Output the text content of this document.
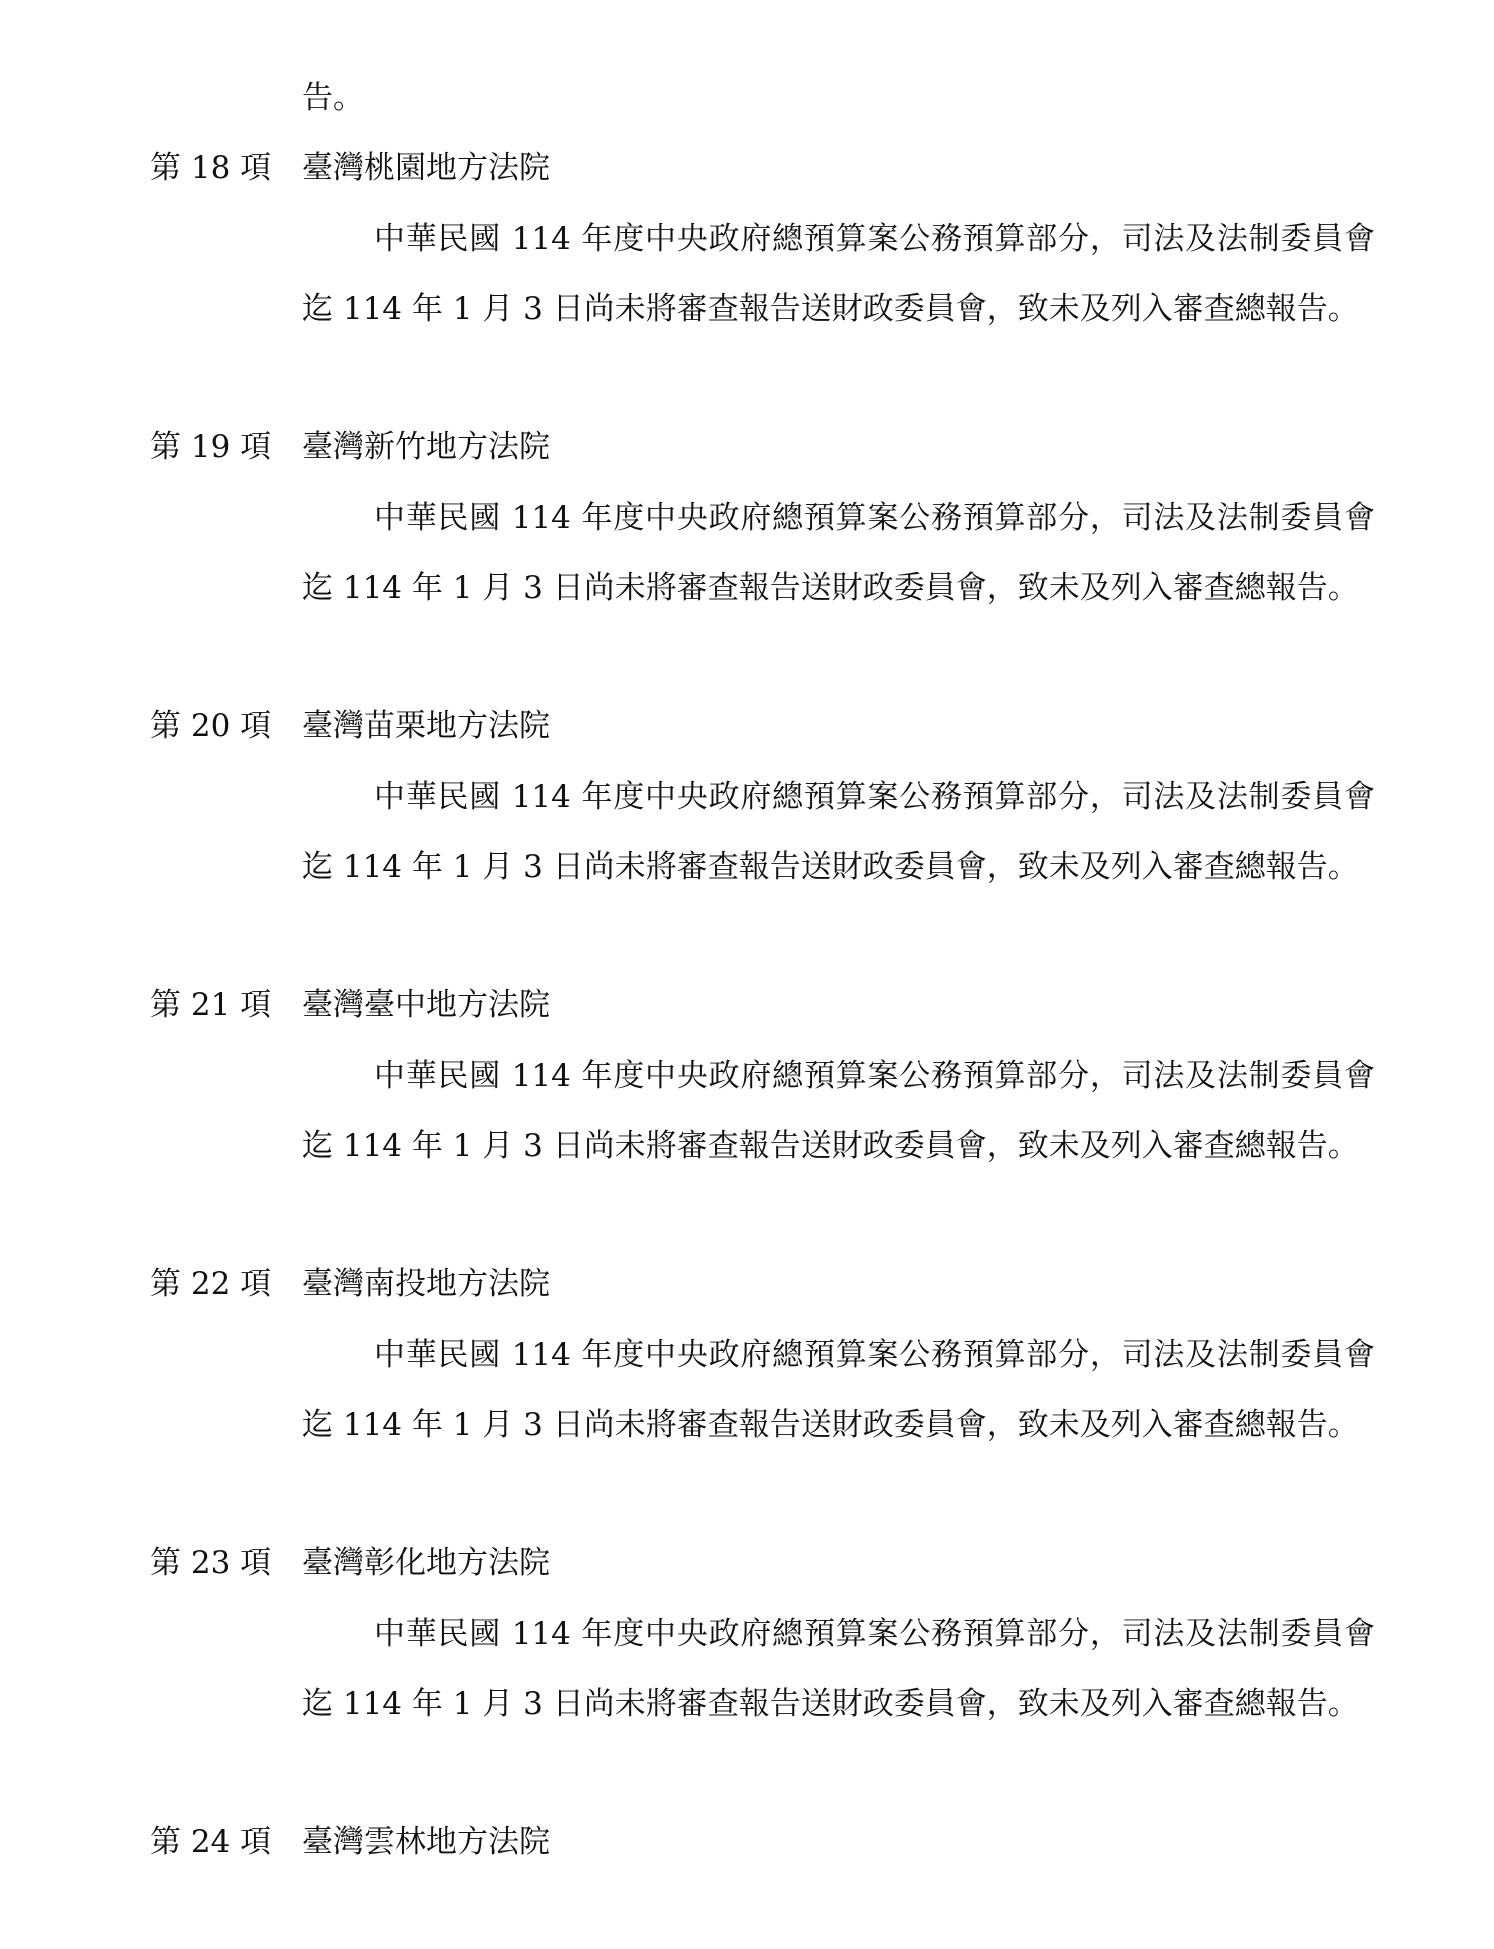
告。
第 18 項 臺灣桃園地方法院
中華民國 114 年度中央政府總預算案公務預算部分，司法及法制委員會迄 114 年 1 月 3 日尚未將審查報告送財政委員會，致未及列入審查總報告。
第 19 項 臺灣新竹地方法院
中華民國 114 年度中央政府總預算案公務預算部分，司法及法制委員會迄 114 年 1 月 3 日尚未將審查報告送財政委員會，致未及列入審查總報告。
第 20 項 臺灣苗栗地方法院
中華民國 114 年度中央政府總預算案公務預算部分，司法及法制委員會迄 114 年 1 月 3 日尚未將審查報告送財政委員會，致未及列入審查總報告。
第 21 項 臺灣臺中地方法院
中華民國 114 年度中央政府總預算案公務預算部分，司法及法制委員會迄 114 年 1 月 3 日尚未將審查報告送財政委員會，致未及列入審查總報告。
第 22 項 臺灣南投地方法院
中華民國 114 年度中央政府總預算案公務預算部分，司法及法制委員會迄 114 年 1 月 3 日尚未將審查報告送財政委員會，致未及列入審查總報告。
第 23 項 臺灣彰化地方法院
中華民國 114 年度中央政府總預算案公務預算部分，司法及法制委員會迄 114 年 1 月 3 日尚未將審查報告送財政委員會，致未及列入審查總報告。
第 24 項 臺灣雲林地方法院
